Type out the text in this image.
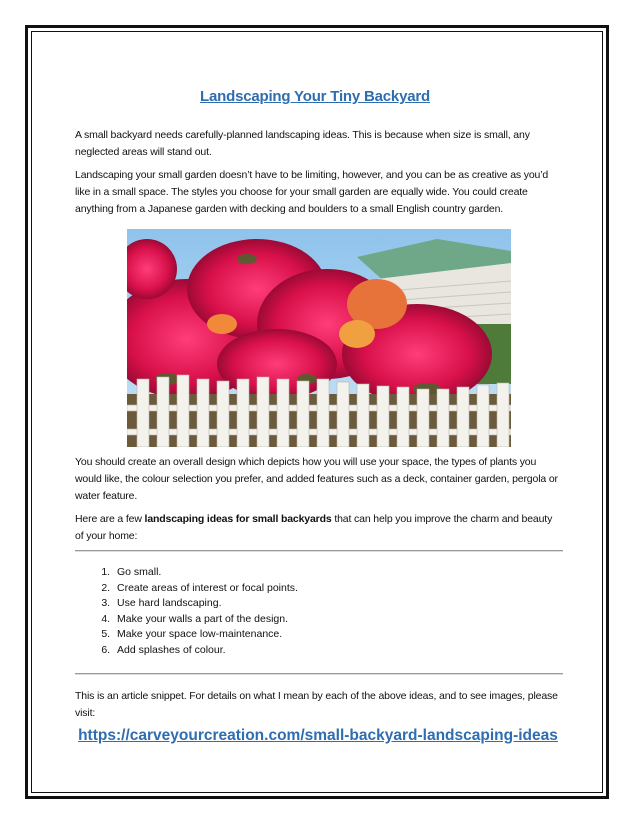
Landscaping Your Tiny Backyard

A small backyard needs carefully-planned landscaping ideas. This is because when size is small, any neglected areas will stand out.

Landscaping your small garden doesn’t have to be limiting, however, and you can be as creative as you’d like in a small space. The styles you choose for your small garden are equally wide. You could create anything from a Japanese garden with decking and boulders to a small English country garden.

You should create an overall design which depicts how you will use your space, the types of plants you would like, the colour selection you prefer, and added features such as a deck, container garden, pergola or water feature.

Here are a few landscaping ideas for small backyards that can help you improve the charm and beauty of your home:

1. Go small.
2. Create areas of interest or focal points.
3. Use hard landscaping.
4. Make your walls a part of the design.
5. Make your space low-maintenance.
6. Add splashes of colour.

This is an article snippet. For details on what I mean by each of the above ideas, and to see images, please visit:

https://carveyourcreation.com/small-backyard-landscaping-ideas
